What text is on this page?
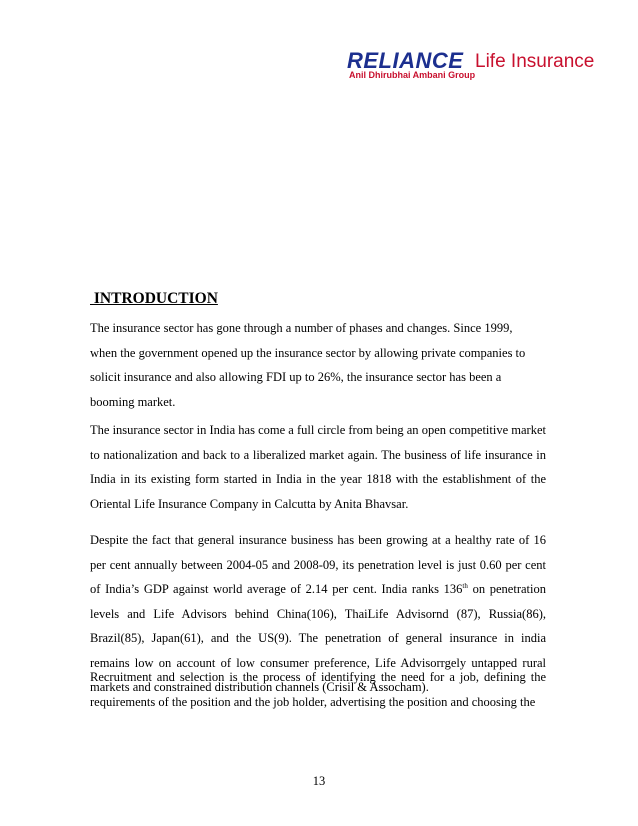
RELIANCE Life Insurance
Anil Dhirubhai Ambani Group
INTRODUCTION

The insurance sector has gone through a number of phases and changes. Since 1999, when the government opened up the insurance sector by allowing private companies to solicit insurance and also allowing FDI up to 26%, the insurance sector has been a booming market.

The insurance sector in India has come a full circle from being an open competitive market to nationalization and back to a liberalized market again. The business of life insurance in India in its existing form started in India in the year 1818 with the establishment of the Oriental Life Insurance Company in Calcutta by Anita Bhavsar.

Despite the fact that general insurance business has been growing at a healthy rate of 16 per cent annually between 2004-05 and 2008-09, its penetration level is just 0.60 per cent of India’s GDP against world average of 2.14 per cent. India ranks 136th on penetration levels and Life Advisors behind China(106), ThaiLife Advisornd (87), Russia(86), Brazil(85), Japan(61), and the US(9). The penetration of general insurance in india remains low on account of low consumer preference, Life Advisorrgely untapped rural markets and constrained distribution channels (Crisil & Assocham).

Recruitment and selection is the process of identifying the need for a job, defining the requirements of the position and the job holder, advertising the position and choosing the

13
